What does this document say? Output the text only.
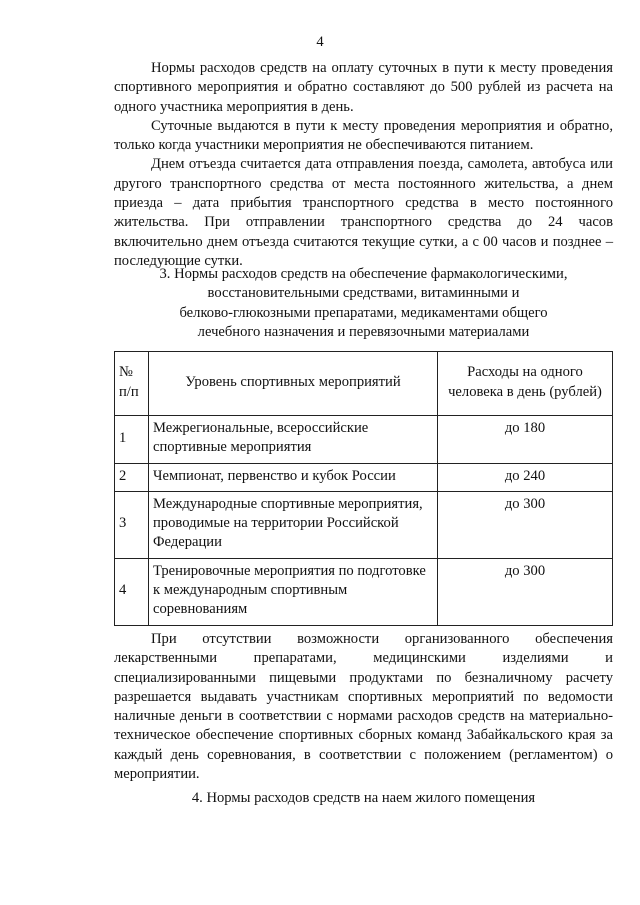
4

Нормы расходов средств на оплату суточных в пути к месту проведения спортивного мероприятия и обратно составляют до 500 рублей из расчета на одного участника мероприятия в день.

Суточные выдаются в пути к месту проведения мероприятия и обратно, только когда участники мероприятия не обеспечиваются питанием.

Днем отъезда считается дата отправления поезда, самолета, автобуса или другого транспортного средства от места постоянного жительства, а днем приезда – дата прибытия транспортного средства в место постоянного жительства. При отправлении транспортного средства до 24 часов включительно днем отъезда считаются текущие сутки, а с 00 часов и позднее – последующие сутки.

3. Нормы расходов средств на обеспечение фармакологическими,
восстановительными средствами, витаминными и
белково-глюкозными препаратами, медикаментами общего
лечебного назначения и перевязочными материалами
№ п/п	Уровень спортивных мероприятий	Расходы на одного человека в день (рублей)
1	Межрегиональные, всероссийские спортивные мероприятия	до 180
2	Чемпионат, первенство и кубок России	до 240
3	Международные спортивные мероприятия, проводимые на территории Российской Федерации	до 300
4	Тренировочные мероприятия по подготовке к международным спортивным соревнованиям	до 300

При отсутствии возможности организованного обеспечения лекарственными препаратами, медицинскими изделиями и специализированными пищевыми продуктами по безналичному расчету разрешается выдавать участникам спортивных мероприятий по ведомости наличные деньги в соответствии с нормами расходов средств на материально-техническое обеспечение спортивных сборных команд Забайкальского края за каждый день соревнования, в соответствии с положением (регламентом) о мероприятии.

4. Нормы расходов средств на наем жилого помещения
